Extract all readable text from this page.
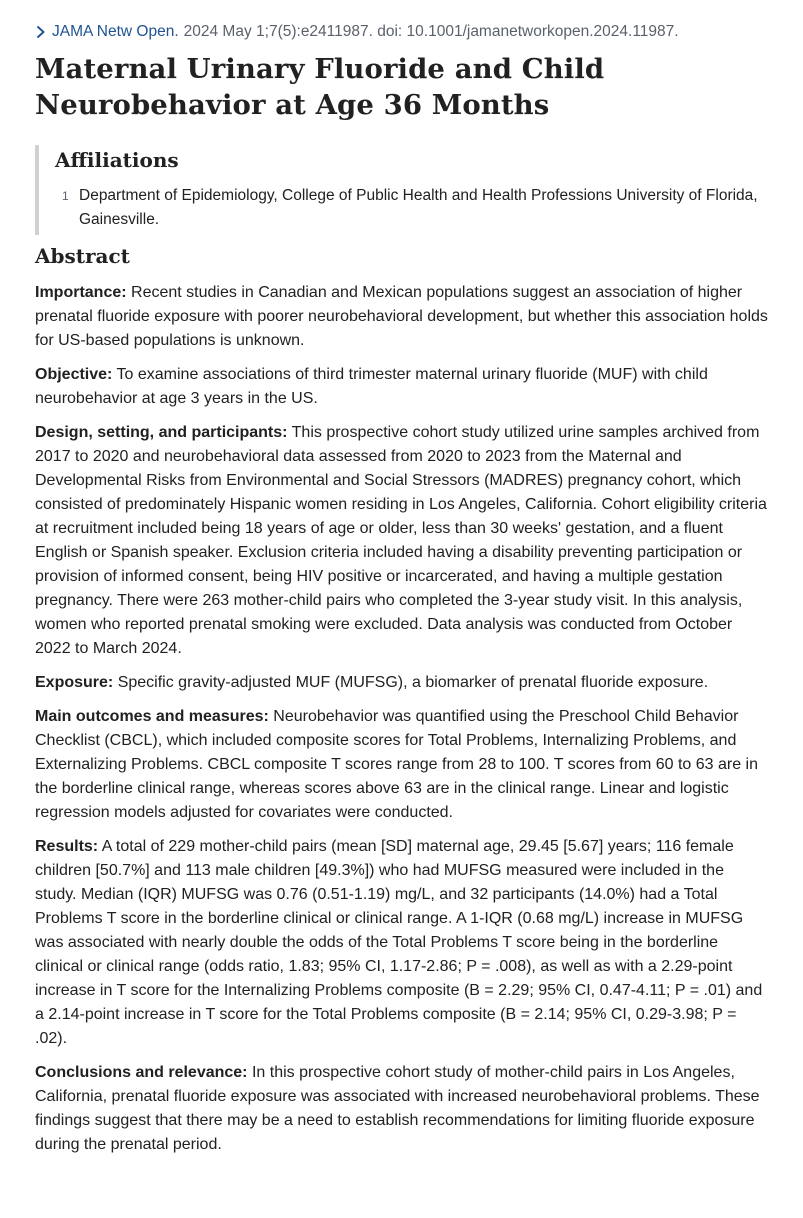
JAMA Netw Open. 2024 May 1;7(5):e2411987. doi: 10.1001/jamanetworkopen.2024.11987.
Maternal Urinary Fluoride and Child Neurobehavior at Age 36 Months
Affiliations
1 Department of Epidemiology, College of Public Health and Health Professions University of Florida, Gainesville.
Abstract

Importance: Recent studies in Canadian and Mexican populations suggest an association of higher prenatal fluoride exposure with poorer neurobehavioral development, but whether this association holds for US-based populations is unknown.

Objective: To examine associations of third trimester maternal urinary fluoride (MUF) with child neurobehavior at age 3 years in the US.

Design, setting, and participants: This prospective cohort study utilized urine samples archived from 2017 to 2020 and neurobehavioral data assessed from 2020 to 2023 from the Maternal and Developmental Risks from Environmental and Social Stressors (MADRES) pregnancy cohort, which consisted of predominately Hispanic women residing in Los Angeles, California. Cohort eligibility criteria at recruitment included being 18 years of age or older, less than 30 weeks' gestation, and a fluent English or Spanish speaker. Exclusion criteria included having a disability preventing participation or provision of informed consent, being HIV positive or incarcerated, and having a multiple gestation pregnancy. There were 263 mother-child pairs who completed the 3-year study visit. In this analysis, women who reported prenatal smoking were excluded. Data analysis was conducted from October 2022 to March 2024.

Exposure: Specific gravity-adjusted MUF (MUFSG), a biomarker of prenatal fluoride exposure.

Main outcomes and measures: Neurobehavior was quantified using the Preschool Child Behavior Checklist (CBCL), which included composite scores for Total Problems, Internalizing Problems, and Externalizing Problems. CBCL composite T scores range from 28 to 100. T scores from 60 to 63 are in the borderline clinical range, whereas scores above 63 are in the clinical range. Linear and logistic regression models adjusted for covariates were conducted.

Results: A total of 229 mother-child pairs (mean [SD] maternal age, 29.45 [5.67] years; 116 female children [50.7%] and 113 male children [49.3%]) who had MUFSG measured were included in the study. Median (IQR) MUFSG was 0.76 (0.51-1.19) mg/L, and 32 participants (14.0%) had a Total Problems T score in the borderline clinical or clinical range. A 1-IQR (0.68 mg/L) increase in MUFSG was associated with nearly double the odds of the Total Problems T score being in the borderline clinical or clinical range (odds ratio, 1.83; 95% CI, 1.17-2.86; P = .008), as well as with a 2.29-point increase in T score for the Internalizing Problems composite (B = 2.29; 95% CI, 0.47-4.11; P = .01) and a 2.14-point increase in T score for the Total Problems composite (B = 2.14; 95% CI, 0.29-3.98; P = .02).

Conclusions and relevance: In this prospective cohort study of mother-child pairs in Los Angeles, California, prenatal fluoride exposure was associated with increased neurobehavioral problems. These findings suggest that there may be a need to establish recommendations for limiting fluoride exposure during the prenatal period.
